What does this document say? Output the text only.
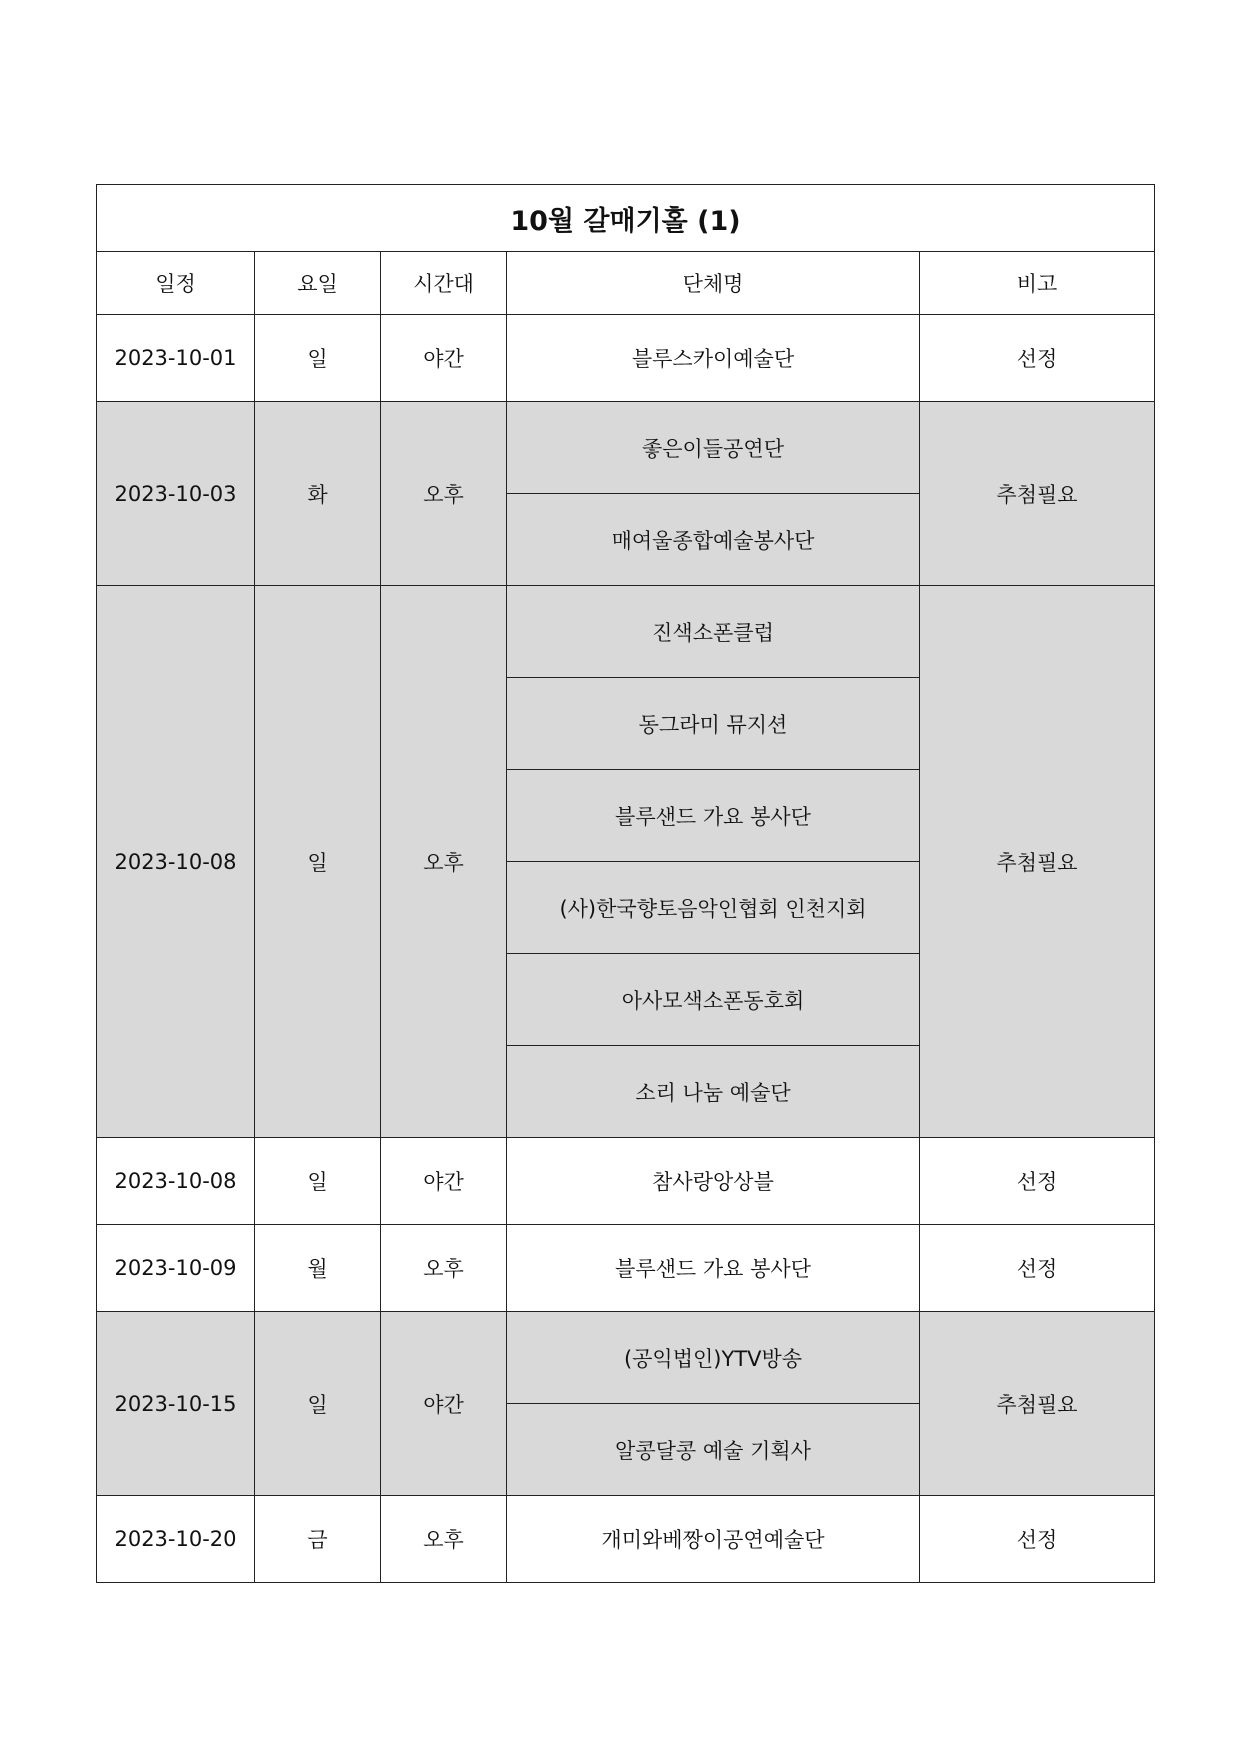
10월 갈매기홀 (1)				
일정	요일	시간대	단체명	비고
2023-10-01	일	야간	블루스카이예술단	선정
2023-10-03	화	오후	좋은이들공연단	추첨필요
			매여울종합예술봉사단	
2023-10-08	일	오후	진색소폰클럽	추첨필요
			동그라미 뮤지션	
			블루샌드 가요 봉사단	
			(사)한국향토음악인협회 인천지회	
			아사모색소폰동호회	
			소리 나눔 예술단	
2023-10-08	일	야간	참사랑앙상블	선정
2023-10-09	월	오후	블루샌드 가요 봉사단	선정
2023-10-15	일	야간	(공익법인)YTV방송	추첨필요
			알콩달콩 예술 기획사	
2023-10-20	금	오후	개미와베짱이공연예술단	선정
